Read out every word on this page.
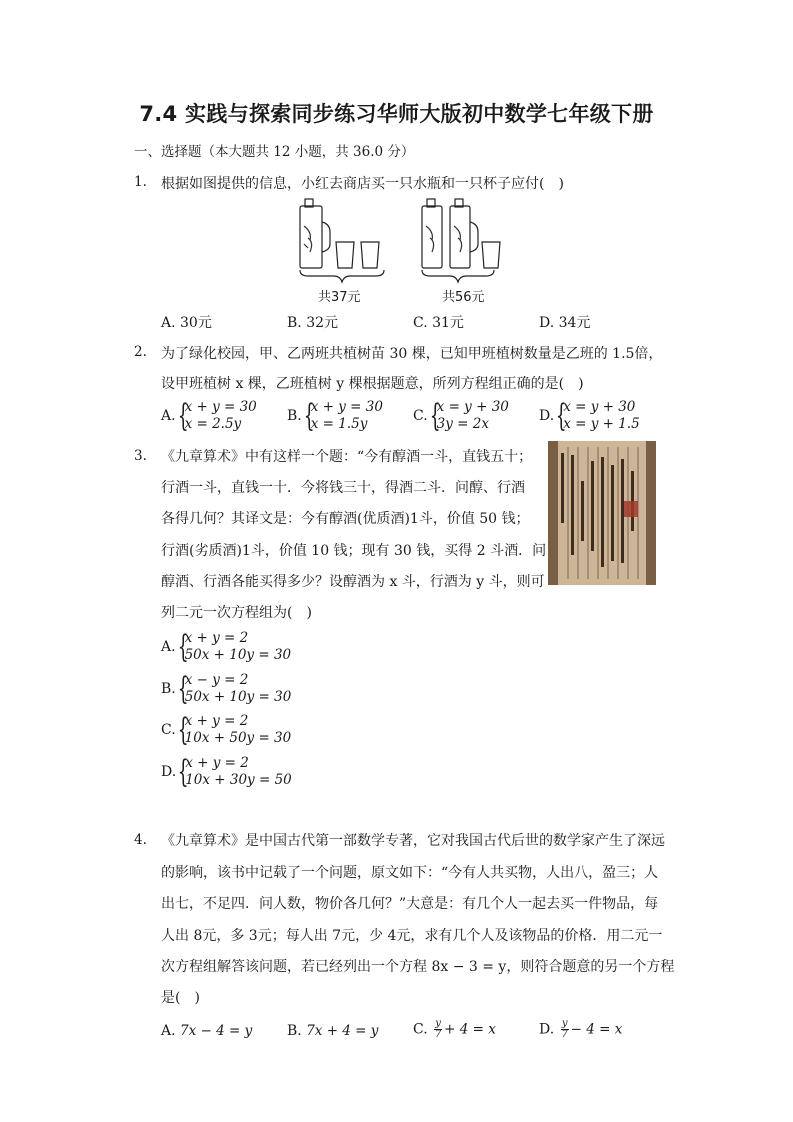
7.4 实践与探索同步练习华师大版初中数学七年级下册
一、选择题（本大题共 12 小题，共 36.0 分）
1. 根据如图提供的信息，小红去商店买一只水瓶和一只杯子应付(　)
共37元	共56元
A. 30元	B. 32元	C. 31元	D. 34元
2. 为了绿化校园，甲、乙两班共植树苗 30 棵，已知甲班植树数量是乙班的 1.5倍，
设甲班植树 x 棵，乙班植树 y 棵根据题意，所列方程组正确的是(　)
A. {
x + y = 30
x = 2.5y	B. {
x + y = 30
x = 1.5y	C. {
x = y + 30
3y = 2x	D. {
x = y + 30
x = y + 1.5
3. 《九章算术》中有这样一个题：“今有醇酒一斗，直钱五十；
行酒一斗，直钱一十．今将钱三十，得酒二斗．问醇、行酒
各得几何？其译文是：今有醇酒(优质酒)1斗，价值 50 钱；
行酒(劣质酒)1斗，价值 10 钱；现有 30 钱，买得 2 斗酒．问
醇酒、行酒各能买得多少？设醇酒为 x 斗，行酒为 y 斗，则可
列二元一次方程组为(　)
A. {
x + y = 2
50x + 10y = 30
B. {
x − y = 2
50x + 10y = 30
C. {
x + y = 2
10x + 50y = 30
D. {
x + y = 2
10x + 30y = 50
4. 《九章算术》是中国古代第一部数学专著，它对我国古代后世的数学家产生了深远
的影响，该书中记载了一个问题，原文如下：“今有人共买物，人出八，盈三；人
出七，不足四．问人数，物价各几何？”大意是：有几个人一起去买一件物品，每
人出 8元，多 3元；每人出 7元，少 4元，求有几个人及该物品的价格．用二元一
次方程组解答该问题，若已经列出一个方程 8x − 3 = y，则符合题意的另一个方程
是(　)
A. 7x − 4 = y B. 7x + 4 = y C. $\frac{y}{7} + 4 = x$	D. $\frac{y}{7} - 4 = x$
